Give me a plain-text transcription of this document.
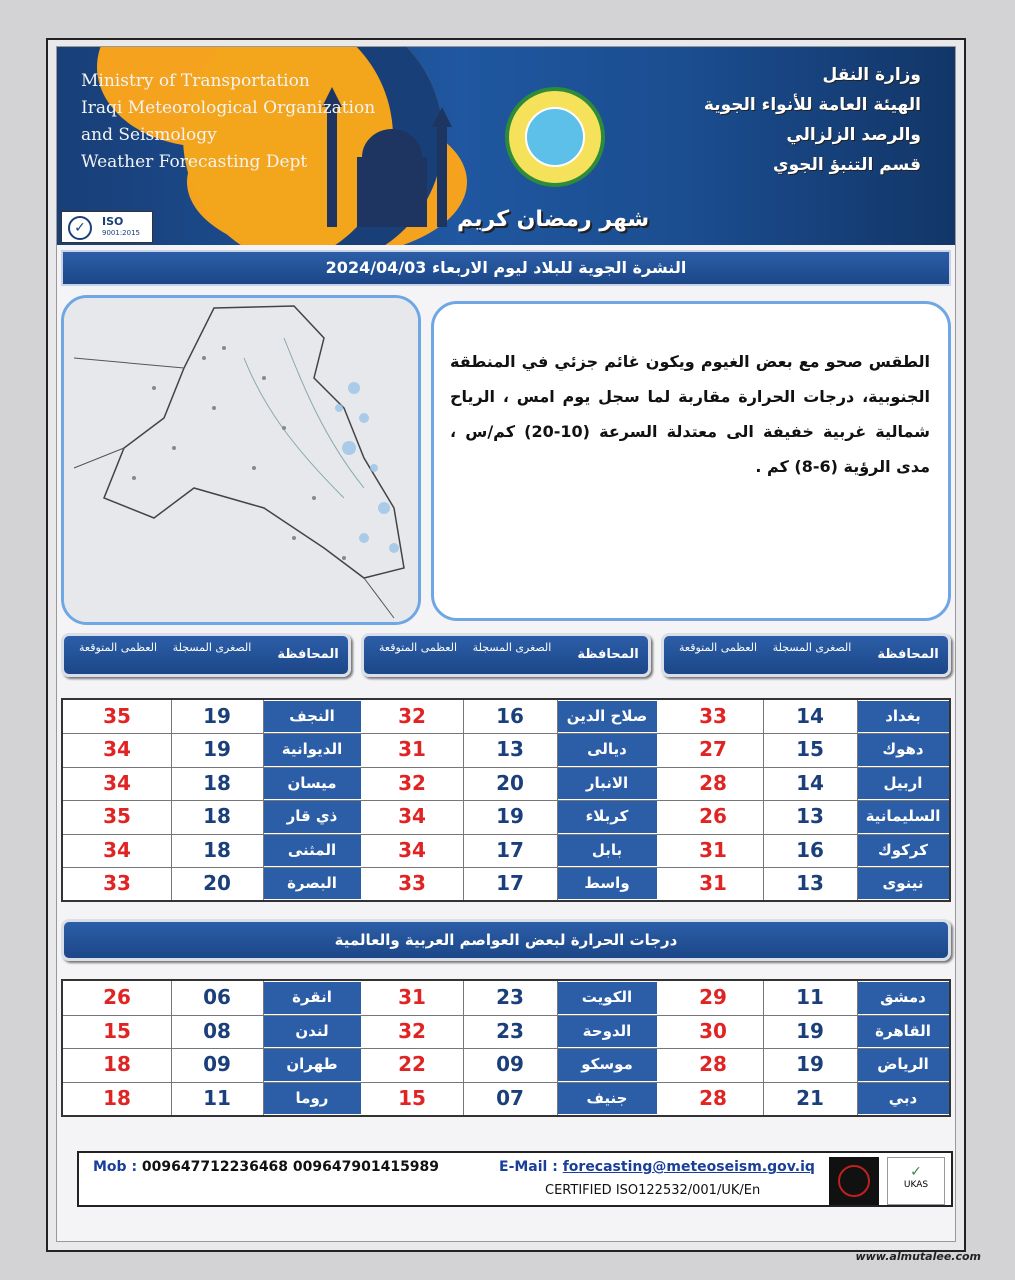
Ministry of Transportation
Iraqi Meteorological Organization
and Seismology
Weather Forecasting Dept
وزارة النقل
الهيئة العامة للأنواء الجوية
والرصد الزلزالي
قسم التنبؤ الجوي
شهر رمضان كريم
✓	ISO
9001:2015
النشرة الجوية للبلاد ليوم الاربعاء 2024/04/03

الطقس صحو مع بعض الغيوم ويكون غائم جزئي في المنطقة الجنوبية، درجات الحرارة مقاربة لما سجل يوم امس ، الرياح شمالية غربية خفيفة الى معتدلة السرعة (10-20) كم/س ، مدى الرؤية (6-8) كم .

المحافظة
الصغرى المسجلة
العظمى المتوقعة
المحافظة
الصغرى المسجلة
العظمى المتوقعة
المحافظة
الصغرى المسجلة
العظمى المتوقعة
بغداد
14
33
دهوك
15
27
اربيل
14
28
السليمانية
13
26
كركوك
16
31
نينوى
13
31
صلاح الدين
16
32
ديالى
13
31
الانبار
20
32
كربلاء
19
34
بابل
17
34
واسط
17
33
النجف
19
35
الديوانية
19
34
ميسان
18
34
ذي قار
18
35
المثنى
18
34
البصرة
20
33
درجات الحرارة لبعض العواصم العربية والعالمية
دمشق
11
29
القاهرة
19
30
الرياض
19
28
دبي
21
28
الكويت
23
31
الدوحة
23
32
موسكو
09
22
جنيف
07
15
انقرة
06
26
لندن
08
15
طهران
09
18
روما
11
18
Mob : 009647712236468 009647901415989	E-Mail : forecasting@meteoseism.gov.iq
CERTIFIED ISO122532/001/UK/En
✓
UKAS
www.almutalee.com
